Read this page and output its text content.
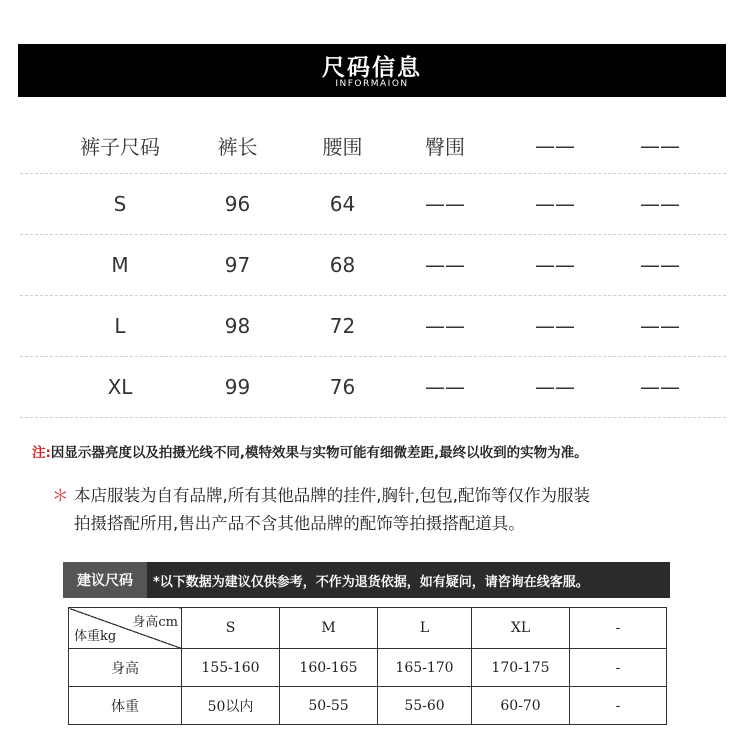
尺码信息
INFORMAION
裤子尺码	裤长	腰围	臀围	——	——
S	96	64	——	——	——
M	97	68	——	——	——
L	98	72	——	——	——
XL	99	76	——	——	——
注:因显示器亮度以及拍摄光线不同,模特效果与实物可能有细微差距,最终以收到的实物为准。
＊ 本店服装为自有品牌,所有其他品牌的挂件,胸针,包包,配饰等仅作为服装
拍摄搭配所用,售出产品不含其他品牌的配饰等拍摄搭配道具。
建议尺码	*以下数据为建议仅供参考，不作为退货依据，如有疑问，请咨询在线客服。
身高cm
体重kg	S	M	L	XL	-
身高	155-160	160-165	165-170	170-175	-
体重	50以内	50-55	55-60	60-70	-
